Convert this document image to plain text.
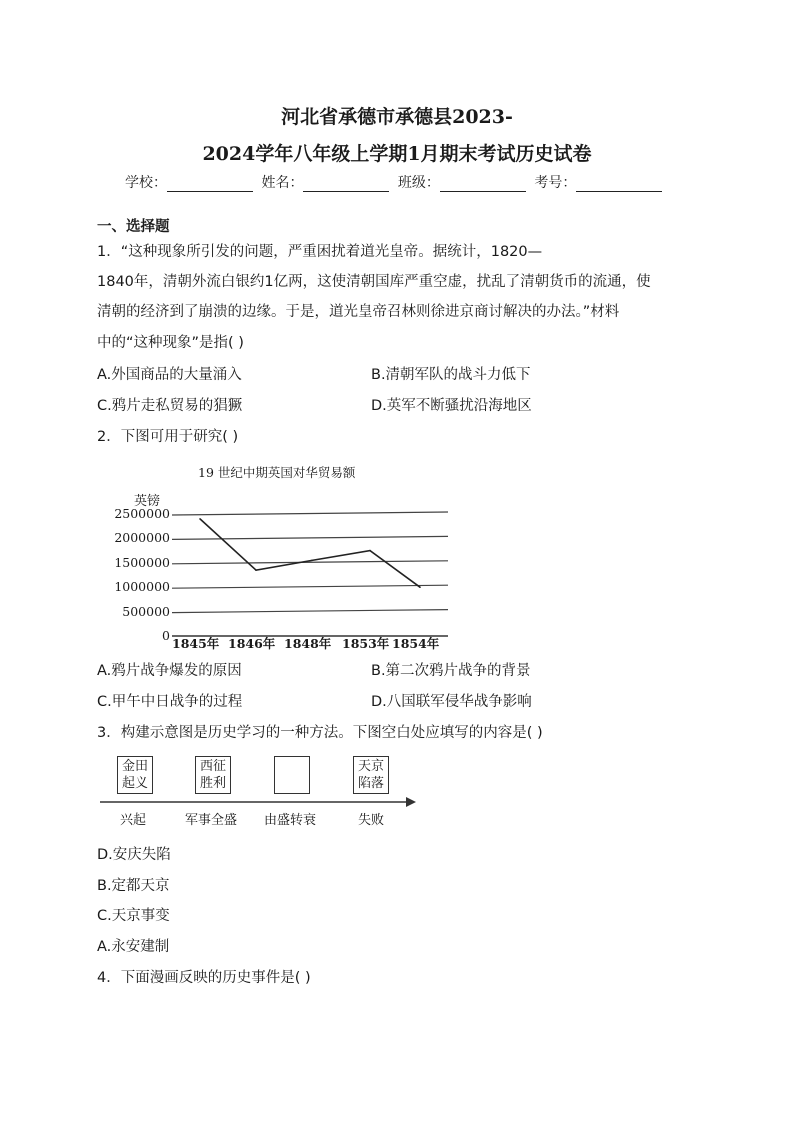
河北省承德市承德县2023-
2024学年八年级上学期1月期末考试历史试卷
学校：	姓名：	班级：	考号：
一、选择题
1．“这种现象所引发的问题，严重困扰着道光皇帝。据统计，1820—
1840年，清朝外流白银约1亿两，这使清朝国库严重空虚，扰乱了清朝货币的流通，使
清朝的经济到了崩溃的边缘。于是，道光皇帝召林则徐进京商讨解决的办法。”材料
中的“这种现象”是指( )
A.外国商品的大量涌入	B.清朝军队的战斗力低下
C.鸦片走私贸易的猖獗	D.英军不断骚扰沿海地区
2．下图可用于研究( )
19 世纪中期英国对华贸易额
英镑
2500000
2000000
1500000
1000000
500000
0
1845年 1846年 1848年 1853年 1854年
A.鸦片战争爆发的原因	B.第二次鸦片战争的背景
C.甲午中日战争的过程	D.八国联军侵华战争影响
3．构建示意图是历史学习的一种方法。下图空白处应填写的内容是( )
金田
起义
西征
胜利
天京
陷落
兴起	军事全盛 由盛转衰	失败
D.安庆失陷
B.定都天京
C.天京事变
A.永安建制
4．下面漫画反映的历史事件是( )
